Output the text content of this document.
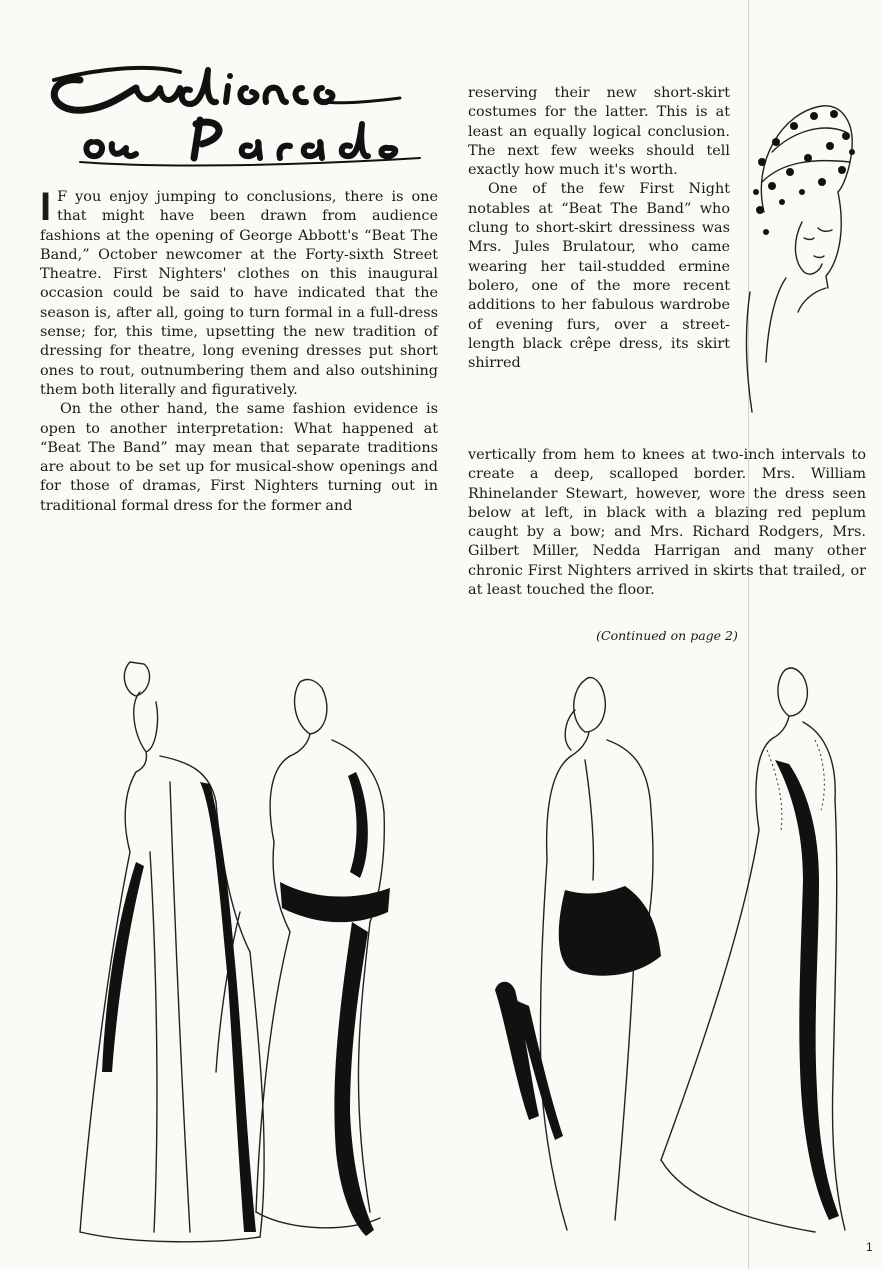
I F you enjoy jumping to conclusions, there is one that might have been drawn from audience fashions at the opening of George Abbott's “Beat The Band,” October newcomer at the Forty-sixth Street Theatre. First Nighters' clothes on this inaugural occasion could be said to have indicated that the season is, after all, going to turn formal in a full-dress sense; for, this time, upsetting the new tradition of dressing for theatre, long evening dresses put short ones to rout, outnumbering them and also outshining them both literally and figuratively.

On the other hand, the same fashion evidence is open to another interpretation: What happened at “Beat The Band” may mean that separate traditions are about to be set up for musical-show openings and for those of dramas, First Nighters turning out in traditional formal dress for the former and

reserving their new short-skirt costumes for the latter. This is at least an equally logical conclusion. The next few weeks should tell exactly how much it's worth.

One of the few First Night notables at “Beat The Band” who clung to short-skirt dressiness was Mrs. Jules Brulatour, who came wearing her tail-studded ermine bolero, one of the more recent additions to her fabulous wardrobe of evening furs, over a street-length black crêpe dress, its skirt shirred

vertically from hem to knees at two-inch intervals to create a deep, scalloped border. Mrs. William Rhinelander Stewart, however, wore the dress seen below at left, in black with a blazing red peplum caught by a bow; and Mrs. Richard Rodgers, Mrs. Gilbert Miller, Nedda Harrigan and many other chronic First Nighters arrived in skirts that trailed, or at least touched the floor.

(Continued on page 2)
1
